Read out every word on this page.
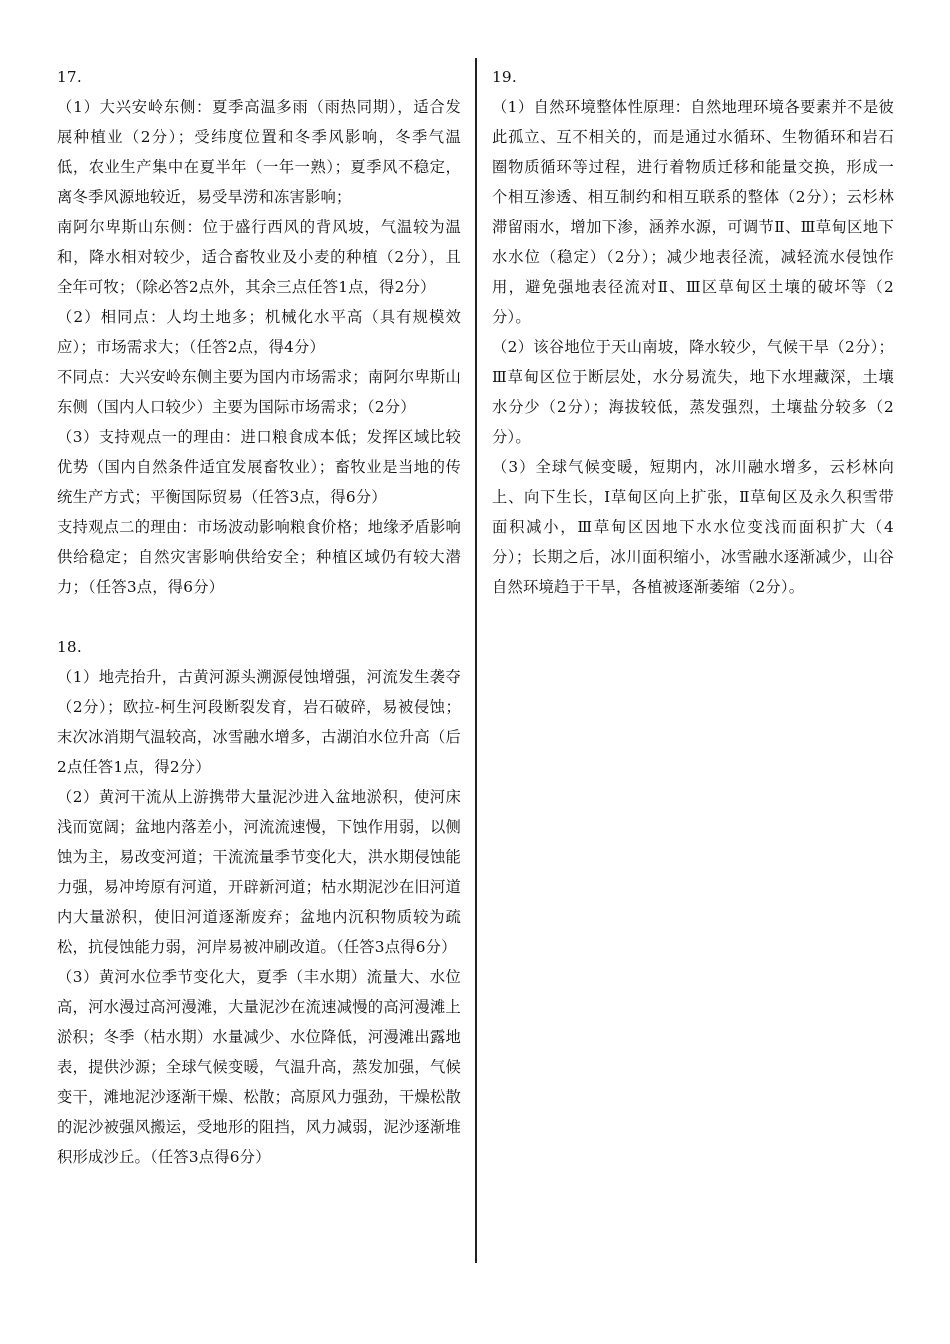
17.
（1）大兴安岭东侧：夏季高温多雨（雨热同期），适合发展种植业（2分）；受纬度位置和冬季风影响，冬季气温低，农业生产集中在夏半年（一年一熟）；夏季风不稳定，离冬季风源地较近，易受旱涝和冻害影响；
南阿尔卑斯山东侧：位于盛行西风的背风坡，气温较为温和，降水相对较少，适合畜牧业及小麦的种植（2分），且全年可牧；（除必答2点外，其余三点任答1点，得2分）
（2）相同点：人均土地多；机械化水平高（具有规模效应）；市场需求大；（任答2点，得4分）
不同点：大兴安岭东侧主要为国内市场需求；南阿尔卑斯山东侧（国内人口较少）主要为国际市场需求；（2分）
（3）支持观点一的理由：进口粮食成本低；发挥区域比较优势（国内自然条件适宜发展畜牧业）；畜牧业是当地的传统生产方式；平衡国际贸易（任答3点，得6分）
支持观点二的理由：市场波动影响粮食价格；地缘矛盾影响供给稳定；自然灾害影响供给安全；种植区域仍有较大潜力；（任答3点，得6分）
18.
（1）地壳抬升，古黄河源头溯源侵蚀增强，河流发生袭夺（2分）；欧拉-柯生河段断裂发育，岩石破碎，易被侵蚀；末次冰消期气温较高，冰雪融水增多，古湖泊水位升高（后2点任答1点，得2分）
（2）黄河干流从上游携带大量泥沙进入盆地淤积，使河床浅而宽阔；盆地内落差小，河流流速慢，下蚀作用弱，以侧蚀为主，易改变河道；干流流量季节变化大，洪水期侵蚀能力强，易冲垮原有河道，开辟新河道；枯水期泥沙在旧河道内大量淤积，使旧河道逐渐废弃；盆地内沉积物质较为疏松，抗侵蚀能力弱，河岸易被冲刷改道。（任答3点得6分）
（3）黄河水位季节变化大，夏季（丰水期）流量大、水位高，河水漫过高河漫滩，大量泥沙在流速减慢的高河漫滩上淤积；冬季（枯水期）水量减少、水位降低，河漫滩出露地表，提供沙源；全球气候变暖，气温升高，蒸发加强，气候变干，滩地泥沙逐渐干燥、松散；高原风力强劲，干燥松散的泥沙被强风搬运，受地形的阻挡，风力减弱，泥沙逐渐堆积形成沙丘。（任答3点得6分）
19.
（1）自然环境整体性原理：自然地理环境各要素并不是彼此孤立、互不相关的，而是通过水循环、生物循环和岩石圈物质循环等过程，进行着物质迁移和能量交换，形成一个相互渗透、相互制约和相互联系的整体（2分）；云杉林滞留雨水，增加下渗，涵养水源，可调节Ⅱ、Ⅲ草甸区地下水水位（稳定）（2分）；减少地表径流，减轻流水侵蚀作用，避免强地表径流对Ⅱ、Ⅲ区草甸区土壤的破坏等（2分）。
（2）该谷地位于天山南坡，降水较少，气候干旱（2分）；Ⅲ草甸区位于断层处，水分易流失，地下水埋藏深，土壤水分少（2分）；海拔较低，蒸发强烈，土壤盐分较多（2分）。
（3）全球气候变暖，短期内，冰川融水增多，云杉林向上、向下生长，Ⅰ草甸区向上扩张，Ⅱ草甸区及永久积雪带面积减小，Ⅲ草甸区因地下水水位变浅而面积扩大（4分）；长期之后，冰川面积缩小，冰雪融水逐渐减少，山谷自然环境趋于干旱，各植被逐渐萎缩（2分）。
